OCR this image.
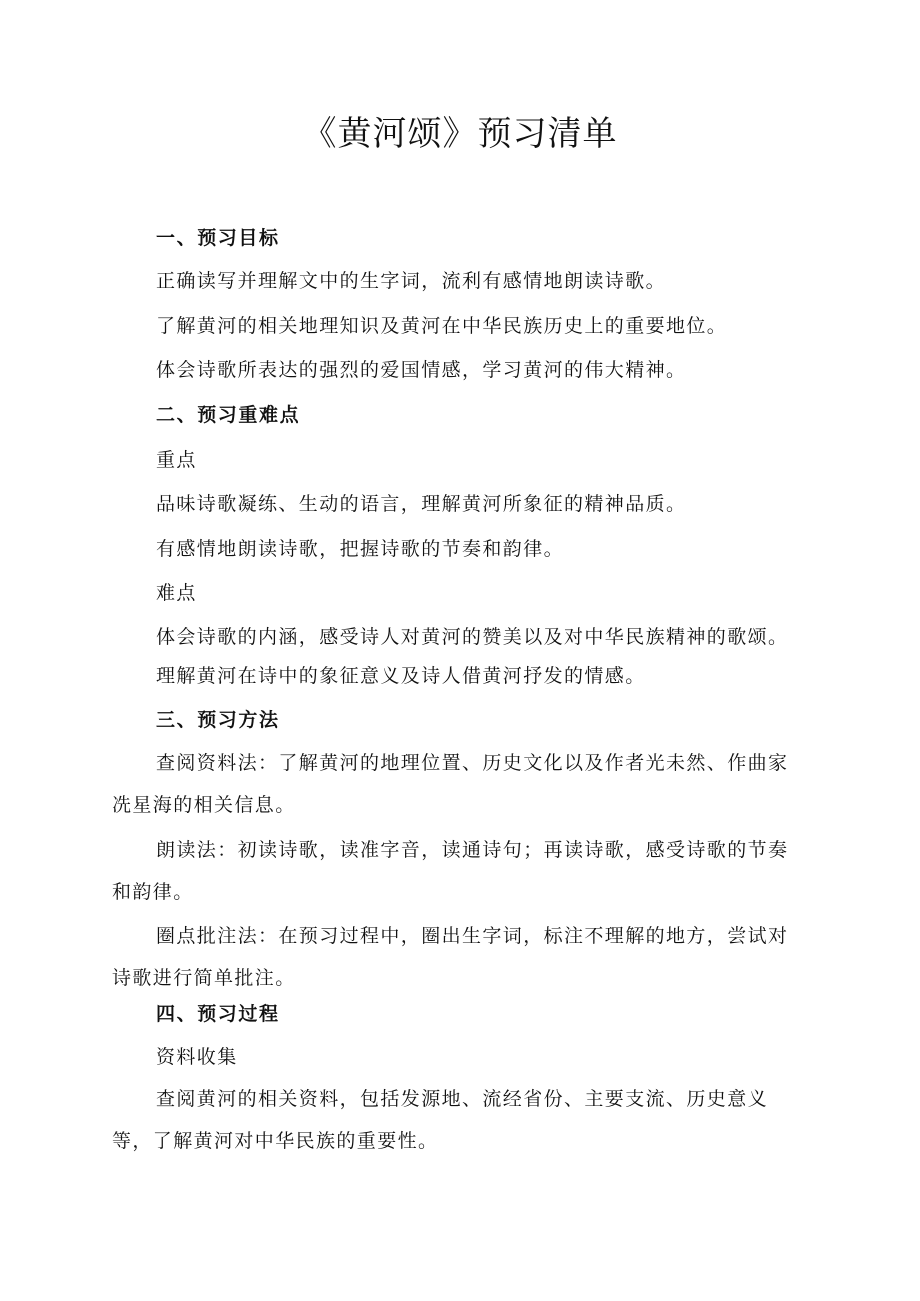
《黄河颂》预习清单

一、预习目标

正确读写并理解文中的生字词，流利有感情地朗读诗歌。

了解黄河的相关地理知识及黄河在中华民族历史上的重要地位。

体会诗歌所表达的强烈的爱国情感，学习黄河的伟大精神。

二、预习重难点

重点

品味诗歌凝练、生动的语言，理解黄河所象征的精神品质。

有感情地朗读诗歌，把握诗歌的节奏和韵律。

难点

体会诗歌的内涵，感受诗人对黄河的赞美以及对中华民族精神的歌颂。

理解黄河在诗中的象征意义及诗人借黄河抒发的情感。

三、预习方法

查阅资料法：了解黄河的地理位置、历史文化以及作者光未然、作曲家冼星海的相关信息。

朗读法：初读诗歌，读准字音，读通诗句；再读诗歌，感受诗歌的节奏和韵律。

圈点批注法：在预习过程中，圈出生字词，标注不理解的地方，尝试对诗歌进行简单批注。

四、预习过程

资料收集

查阅黄河的相关资料，包括发源地、流经省份、主要支流、历史意义等，了解黄河对中华民族的重要性。
